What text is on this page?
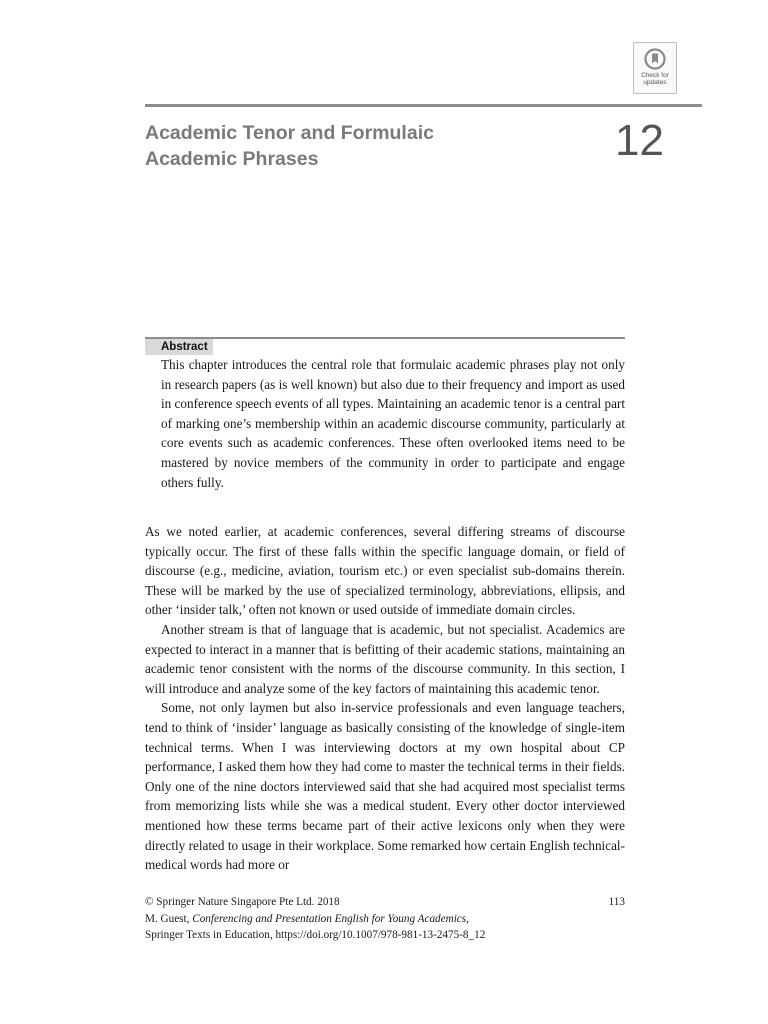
Check for
updates
Academic Tenor and Formulaic
Academic Phrases	12
Abstract

This chapter introduces the central role that formulaic academic phrases play not only in research papers (as is well known) but also due to their frequency and import as used in conference speech events of all types. Maintaining an academic tenor is a central part of marking one’s membership within an academic discourse community, particularly at core events such as academic conferences. These often overlooked items need to be mastered by novice members of the community in order to participate and engage others fully.

As we noted earlier, at academic conferences, several differing streams of discourse typically occur. The first of these falls within the specific language domain, or field of discourse (e.g., medicine, aviation, tourism etc.) or even specialist sub-domains therein. These will be marked by the use of specialized terminology, abbreviations, ellipsis, and other ‘insider talk,’ often not known or used outside of immediate domain circles.

Another stream is that of language that is academic, but not specialist. Academics are expected to interact in a manner that is befitting of their academic stations, maintaining an academic tenor consistent with the norms of the discourse community. In this section, I will introduce and analyze some of the key factors of maintaining this academic tenor.

Some, not only laymen but also in-service professionals and even language teachers, tend to think of ‘insider’ language as basically consisting of the knowledge of single-item technical terms. When I was interviewing doctors at my own hospital about CP performance, I asked them how they had come to master the technical terms in their fields. Only one of the nine doctors interviewed said that she had acquired most specialist terms from memorizing lists while she was a medical student. Every other doctor interviewed mentioned how these terms became part of their active lexicons only when they were directly related to usage in their workplace. Some remarked how certain English technical-medical words had more or

© Springer Nature Singapore Pte Ltd. 2018	113
M. Guest, Conferencing and Presentation English for Young Academics,
Springer Texts in Education, https://doi.org/10.1007/978-981-13-2475-8_12
